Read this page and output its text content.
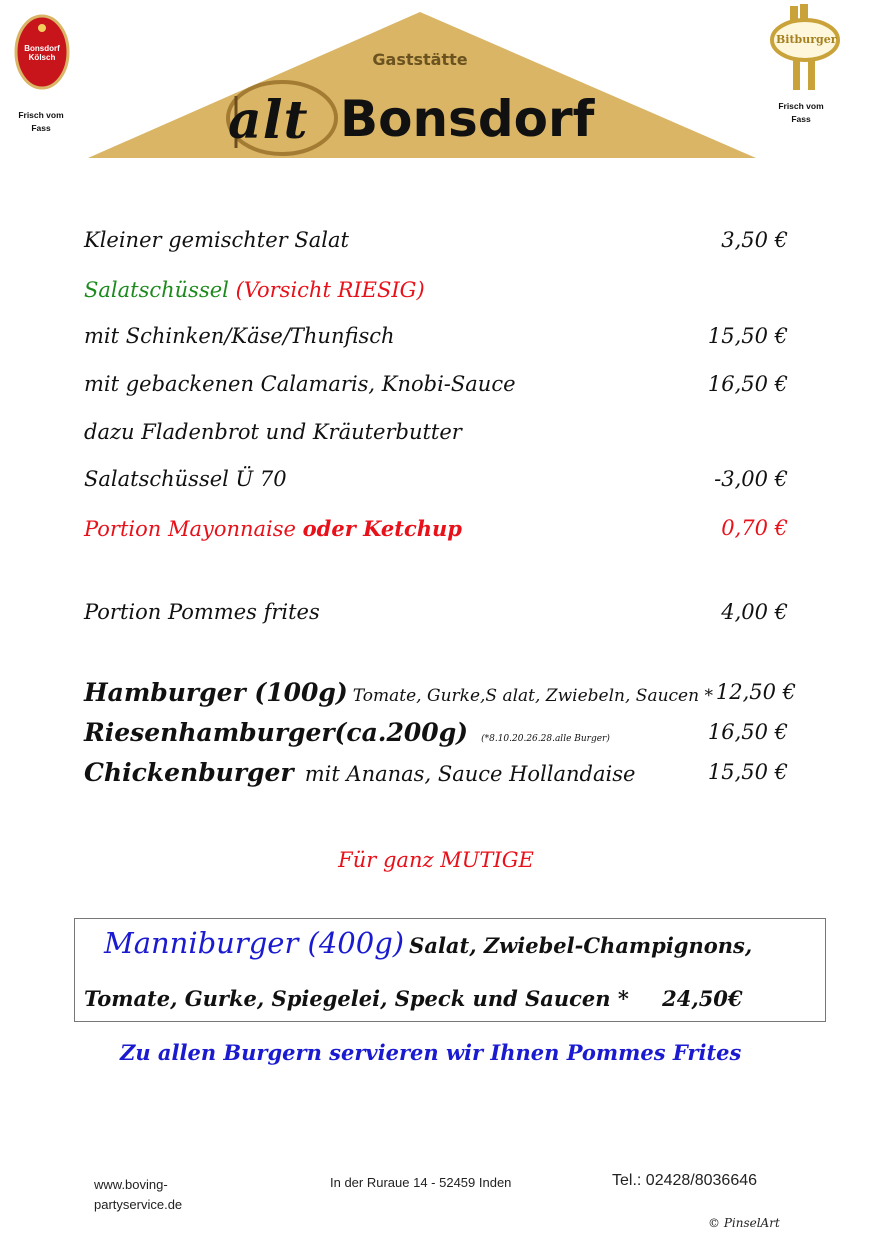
Bonsdorf
Kölsch
Frisch vom
Fass
Bitburger
Frisch vom
Fass
Gaststätte
alt Bonsdorf
Kleiner gemischter Salat	3,50 €
Salatschüssel (Vorsicht RIESIG)
mit Schinken/Käse/Thunfisch	15,50 €
mit gebackenen Calamaris, Knobi-Sauce	16,50 €
dazu Fladenbrot und Kräuterbutter
Salatschüssel Ü 70	-3,00 €
Portion Mayonnaise oder Ketchup	0,70 €
Portion Pommes frites	4,00 €
Hamburger (100g) Tomate, Gurke,S alat, Zwiebeln, Saucen * 12,50 €
Riesenhamburger(ca.200g) (*8.10.20.26.28.alle Burger)	16,50 €
Chickenburger mit Ananas, Sauce Hollandaise	15,50 €
Für ganz MUTIGE
Manniburger (400g) Salat, Zwiebel-Champignons,
Tomate, Gurke, Spiegelei, Speck und Saucen * 24,50€
Zu allen Burgern servieren wir Ihnen Pommes Frites
www.boving-
partyservice.de
In der Ruraue 14 - 52459 Inden	Tel.: 02428/8036646
© PinselArt
